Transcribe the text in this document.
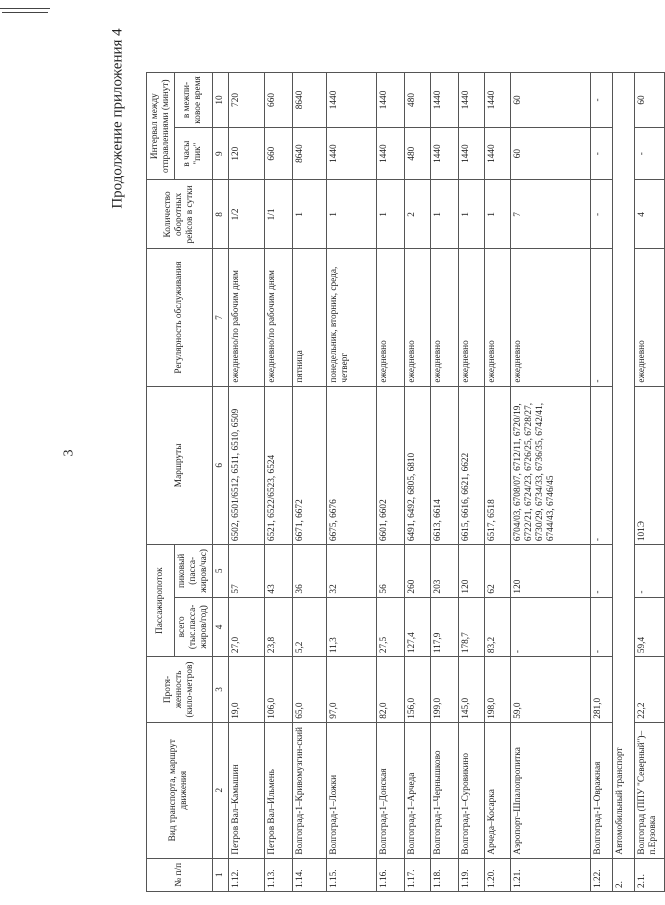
№ п/п	Вид транспорта, маршрут движения	Протя-женность (кило-метров)	Пассажиропоток		Маршруты	Регулярность обслуживания	Количество оборотных рейсов в сутки	Интервал между отправлениями (минут)	
			всего (тыс.пасса-жиров/год)	пиковый (пасса-жиров/час)				в часы "пик"	в межпи-ковое время
1	2	3	4	5	6	7	8	9	10
1.12.	Петров Вал–Камышин	19,0	27,0	57	6502, 6501/6512, 6511, 6510, 6509	ежедневно/по рабочим дням	1/2	120	720
1.13.	Петров Вал–Ильмень	106,0	23,8	43	6521, 6522/6523, 6524	ежедневно/по рабочим дням	1/1	660	660
1.14.	Волгоград-1–Кривомузгин-ский	65,0	5,2	36	6671, 6672	пятница	1	8640	8640
1.15.	Волгоград-1–Ложки	97,0	11,3	32	6675, 6676	понедельник, вторник, среда, четверг	1	1440	1440
1.16.	Волгоград-1–Донская	82,0	27,5	56	6601, 6602	ежедневно	1	1440	1440
1.17.	Волгоград-1–Арчеда	156,0	127,4	260	6491, 6492, 6805, 6810	ежедневно	2	480	480
1.18.	Волгоград-1–Чернышково	199,0	117,9	203	6613, 6614	ежедневно	1	1440	1440
1.19.	Волгоград-1–Суровикино	145,0	178,7	120	6615, 6616, 6621, 6622	ежедневно	1	1440	1440
1.20.	Арчеда–Косарка	198,0	83,2	62	6517, 6518	ежедневно	1	1440	1440
1.21.	Аэропорт–Шпалопропитка	59,0	-	120	6704/03, 6708/07, 6712/11, 6720/19, 6722/21, 6724/23, 6726/25, 6728/27, 6730/29, 6734/33, 6736/35, 6742/41, 6744/43, 6746/45	ежедневно	7	60	60
1.22.	Волгоград-1–Овражная	281,0	-	-	-	-	-	-	-
2.	Автомобильный транспорт								
2.1.	Волгоград (ППУ "Северный")–п.Ерзовка	22,2	59,4	-	101Э	ежедневно	4	-	60
3
Продолжение приложения 4
